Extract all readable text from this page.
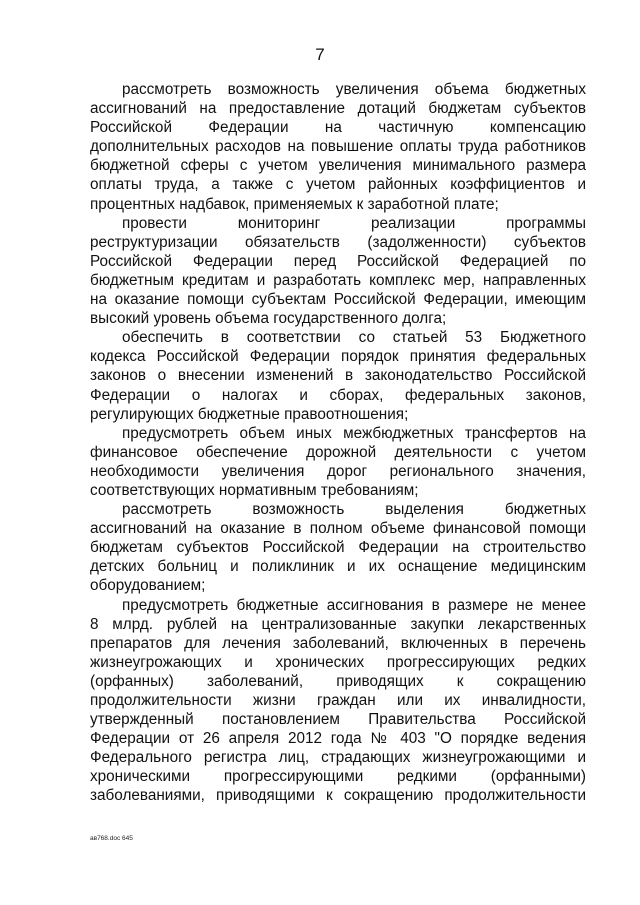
7
рассмотреть возможность увеличения объема бюджетных
ассигнований на предоставление дотаций бюджетам субъектов
Российской Федерации на частичную компенсацию
дополнительных расходов на повышение оплаты труда работников
бюджетной сферы с учетом увеличения минимального размера
оплаты труда, а также с учетом районных коэффициентов и
процентных надбавок, применяемых к заработной плате;
провести мониторинг реализации программы
реструктуризации обязательств (задолженности) субъектов
Российской Федерации перед Российской Федерацией по
бюджетным кредитам и разработать комплекс мер, направленных
на оказание помощи субъектам Российской Федерации, имеющим
высокий уровень объема государственного долга;
обеспечить в соответствии со статьей 53 Бюджетного
кодекса Российской Федерации порядок принятия федеральных
законов о внесении изменений в законодательство Российской
Федерации о налогах и сборах, федеральных законов,
регулирующих бюджетные правоотношения;
предусмотреть объем иных межбюджетных трансфертов на
финансовое обеспечение дорожной деятельности с учетом
необходимости увеличения дорог регионального значения,
соответствующих нормативным требованиям;
рассмотреть возможность выделения бюджетных
ассигнований на оказание в полном объеме финансовой помощи
бюджетам субъектов Российской Федерации на строительство
детских больниц и поликлиник и их оснащение медицинским
оборудованием;
предусмотреть бюджетные ассигнования в размере не менее
8 млрд. рублей на централизованные закупки лекарственных
препаратов для лечения заболеваний, включенных в перечень
жизнеугрожающих и хронических прогрессирующих редких
(орфанных) заболеваний, приводящих к сокращению
продолжительности жизни граждан или их инвалидности,
утвержденный постановлением Правительства Российской
Федерации от 26 апреля 2012 года № 403 "О порядке ведения
Федерального регистра лиц, страдающих жизнеугрожающими и
хроническими прогрессирующими редкими (орфанными)
заболеваниями, приводящими к сокращению продолжительности
ав768.doc 645
